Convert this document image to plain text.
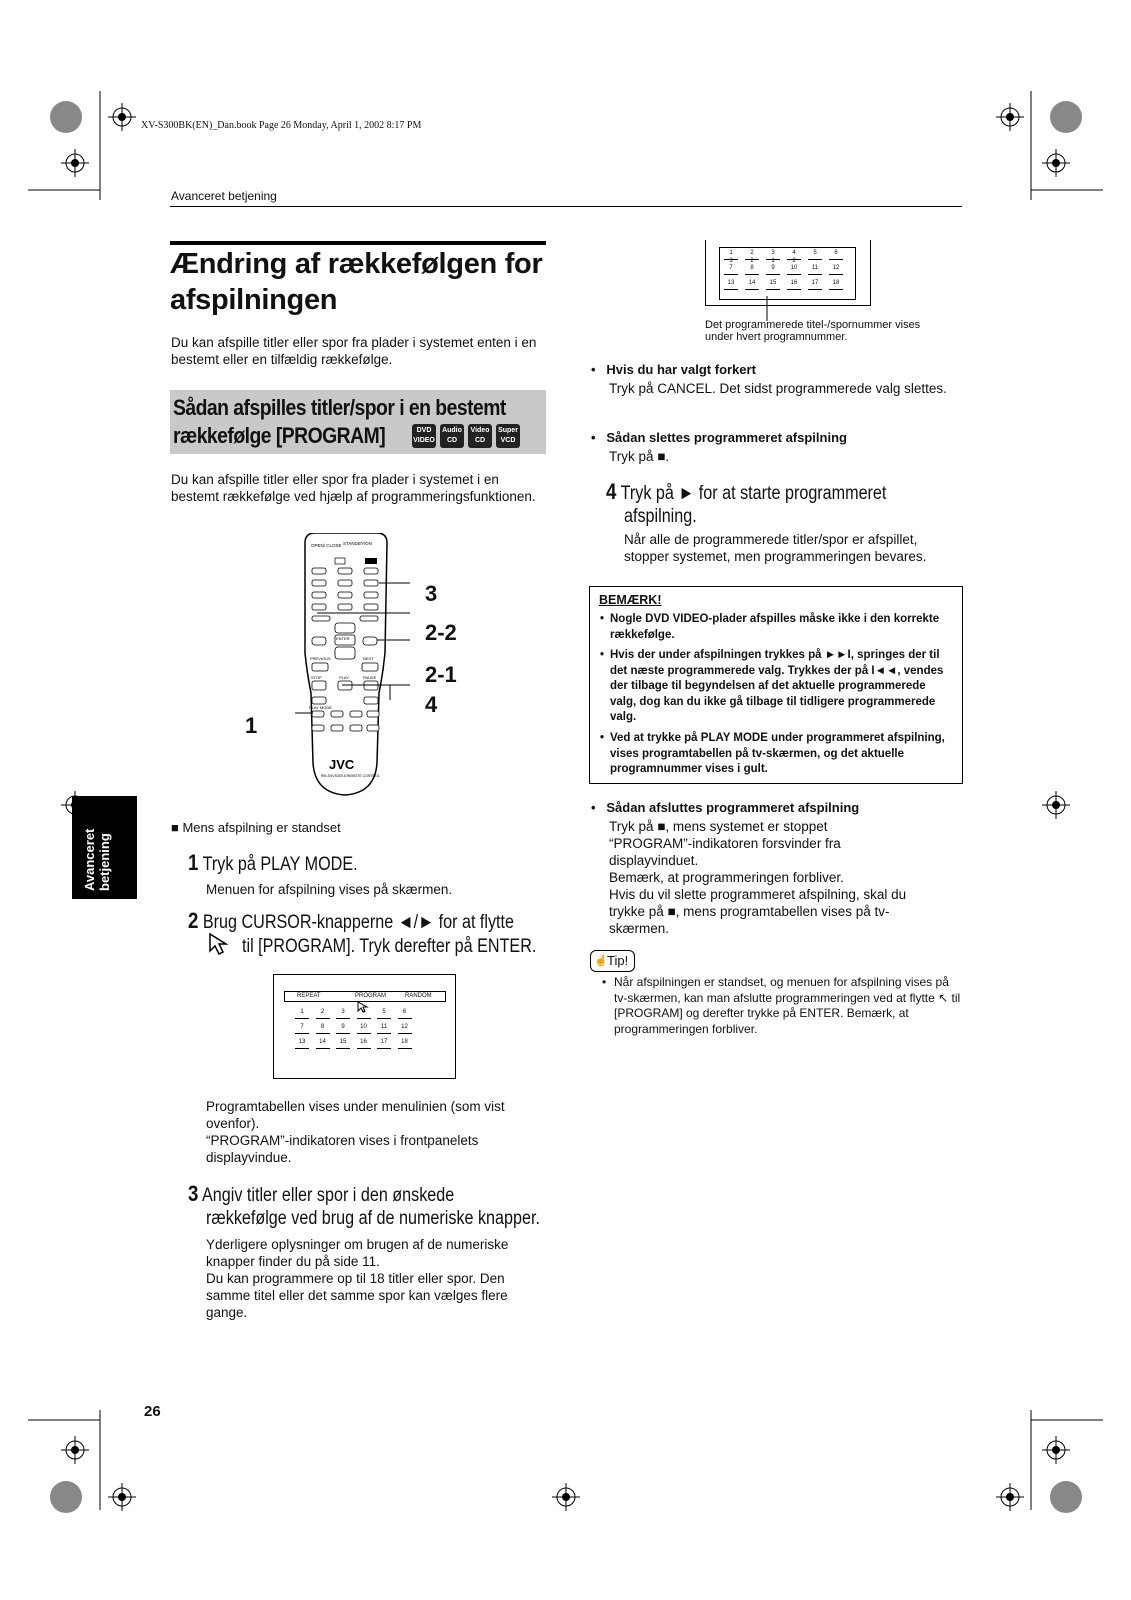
XV-S300BK(EN)_Dan.book Page 26 Monday, April 1, 2002 8:17 PM
Avanceret betjening
Ændring af rækkefølgen for afspilningen

Du kan afspille titler eller spor fra plader i systemet enten i en bestemt eller en tilfældig rækkefølge.

Sådan afspilles titler/spor i en bestemt
rækkefølge [PROGRAM]	DVD
VIDEOAudio
CDVideo
CDSuper
VCD

Du kan afspille titler eller spor fra plader i systemet i en bestemt rækkefølge ved hjælp af programmeringsfunktionen.

OPEN/ CLOSE STANDBY/ON
ENTER
PREVIOUS	NEXT
STOP	PLAY	PAUSE
PLAY MODE
JVC
RM-SXVS300 A REMOTE CONTROL
3
2-2
2-1
4
1
■ Mens afspilning er standset
1 Tryk på PLAY MODE.

Menuen for afspilning vises på skærmen.

2 Brug CURSOR-knapperne ◄/► for at flytte
til [PROGRAM]. Tryk derefter på ENTER.
REPEAT	PROGRAM	RANDOM
1	2	3	4	5	6
7	8	9	10	11	12
13	14	15	16	17	18

Programtabellen vises under menulinien (som vist ovenfor).

“PROGRAM”-indikatoren vises i frontpanelets displayvindue.

3 Angiv titler eller spor i den ønskede
rækkefølge ved brug af de numeriske knapper.

Yderligere oplysninger om brugen af de numeriske knapper finder du på side 11.

Du kan programmere op til 18 titler eller spor. Den samme titel eller det samme spor kan vælges flere gange.

Avanceret betjening
26
1	2	3	4	5	6
7	8	9	10	11	12
13	14	15	16	17	18
3	2	1	2

Det programmerede titel-/spornummer vises under hvert programnummer.

•   Hvis du har valgt forkert

Tryk på CANCEL. Det sidst programmerede valg slettes.

•   Sådan slettes programmeret afspilning

Tryk på ■.

4 Tryk på ► for at starte programmeret
afspilning.

Når alle de programmerede titler/spor er afspillet, stopper systemet, men programmeringen bevares.

BEMÆRK!
• Nogle DVD VIDEO-plader afspilles måske ikke i den korrekte rækkefølge.
• Hvis der under afspilningen trykkes på ►►I, springes der til det næste programmerede valg. Trykkes der på I◄◄, vendes der tilbage til begyndelsen af det aktuelle programmerede valg, dog kan du ikke gå tilbage til tidligere programmerede valg.
• Ved at trykke på PLAY MODE under programmeret afspilning, vises programtabellen på tv-skærmen, og det aktuelle programnummer vises i gult.
•   Sådan afsluttes programmeret afspilning

Tryk på ■, mens systemet er stoppet “PROGRAM”-indikatoren forsvinder fra displayvinduet.

Bemærk, at programmeringen forbliver.

Hvis du vil slette programmeret afspilning, skal du trykke på ■, mens programtabellen vises på tv-skærmen.

☝ Tip!
• Når afspilningen er standset, og menuen for afspilning vises på tv-skærmen, kan man afslutte programmeringen ved at flytte ↖ til [PROGRAM] og derefter trykke på ENTER. Bemærk, at programmeringen forbliver.
